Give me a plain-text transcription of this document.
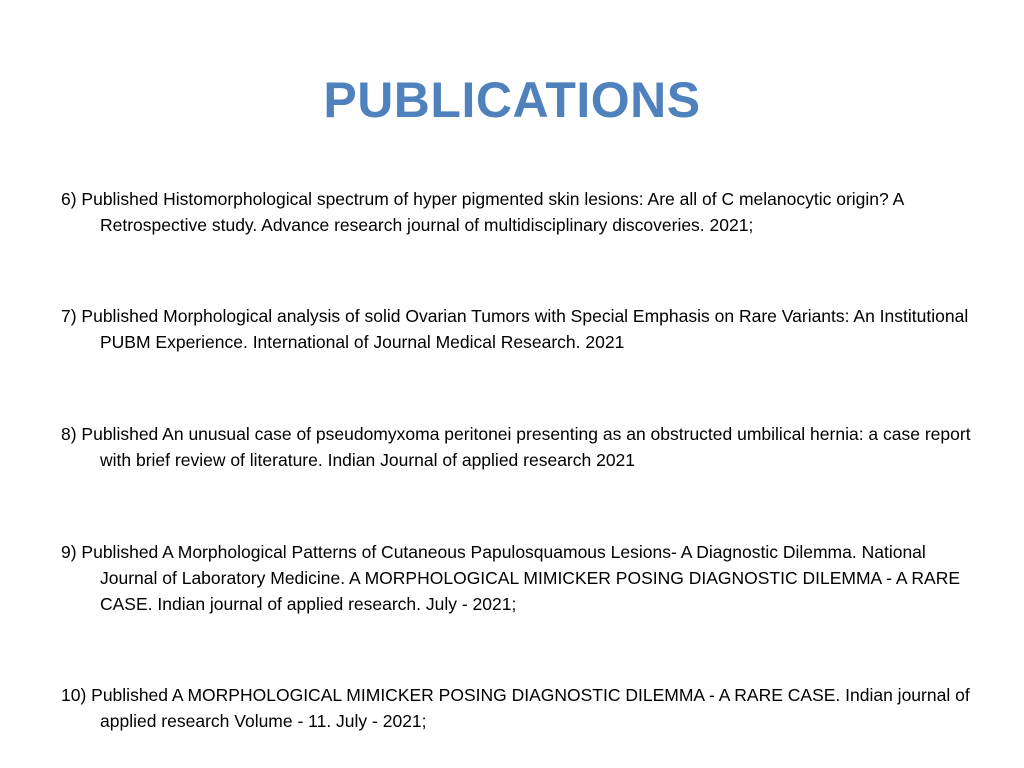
PUBLICATIONS
6) Published Histomorphological spectrum of hyper pigmented skin lesions: Are all of C melanocytic origin? A Retrospective study. Advance research journal of multidisciplinary discoveries. 2021;
7) Published Morphological analysis of solid Ovarian Tumors with Special Emphasis on Rare Variants: An Institutional PUBM Experience. International of Journal Medical Research. 2021
8) Published An unusual case of pseudomyxoma peritonei presenting as an obstructed umbilical hernia: a case report with brief review of literature. Indian Journal of applied research 2021
9) Published A Morphological Patterns of Cutaneous Papulosquamous Lesions- A Diagnostic Dilemma. National Journal of Laboratory Medicine. A MORPHOLOGICAL MIMICKER POSING DIAGNOSTIC DILEMMA - A RARE CASE. Indian journal of applied research. July - 2021;
10) Published A MORPHOLOGICAL MIMICKER POSING DIAGNOSTIC DILEMMA - A RARE CASE. Indian journal of applied research Volume - 11. July - 2021;
